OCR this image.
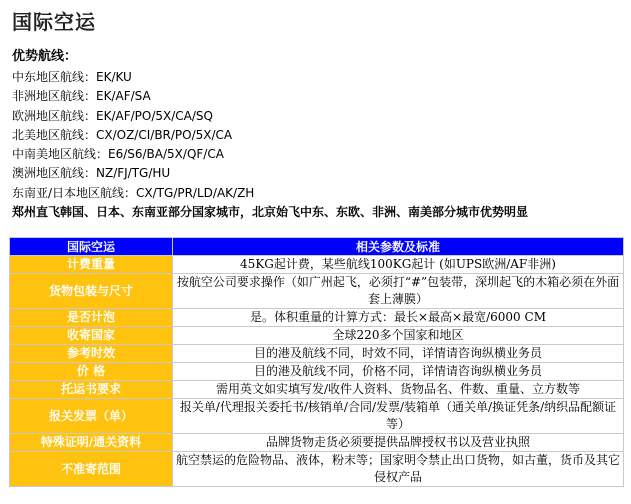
国际空运
优势航线：
中东地区航线：EK/KU
非洲地区航线：EK/AF/SA
欧洲地区航线：EK/AF/PO/5X/CA/SQ
北美地区航线：CX/OZ/CI/BR/PO/5X/CA
中南美地区航线：E6/S6/BA/5X/QF/CA
澳洲地区航线：NZ/FJ/TG/HU
东南亚/日本地区航线：CX/TG/PR/LD/AK/ZH
郑州直飞韩国、日本、东南亚部分国家城市，北京始飞中东、东欧、非洲、南美部分城市优势明显
国际空运	相关参数及标准
计费重量	45KG起计费，某些航线100KG起计 (如UPS欧洲/AF非洲)
货物包装与尺寸	按航空公司要求操作（如广州起飞，必须打“#”包装带，深圳起飞的木箱必须在外面套上薄膜）
是否计泡	是。体积重量的计算方式：最长×最高×最宽/6000 CM
收寄国家	全球220多个国家和地区
参考时效	目的港及航线不同，时效不同，详情请咨询纵横业务员
价 格	目的港及航线不同，价格不同，详情请咨询纵横业务员
托运书要求	需用英文如实填写发/收件人资料、货物品名、件数、重量、立方数等
报关发票（单）	报关单/代理报关委托书/核销单/合同/发票/装箱单（通关单/换证凭条/纳织品配额证等）
特殊证明/通关资料	品牌货物走货必须要提供品牌授权书以及营业执照
不准寄范围	航空禁运的危险物品、液体，粉末等；国家明令禁止出口货物，如古董，货币及其它侵权产品
